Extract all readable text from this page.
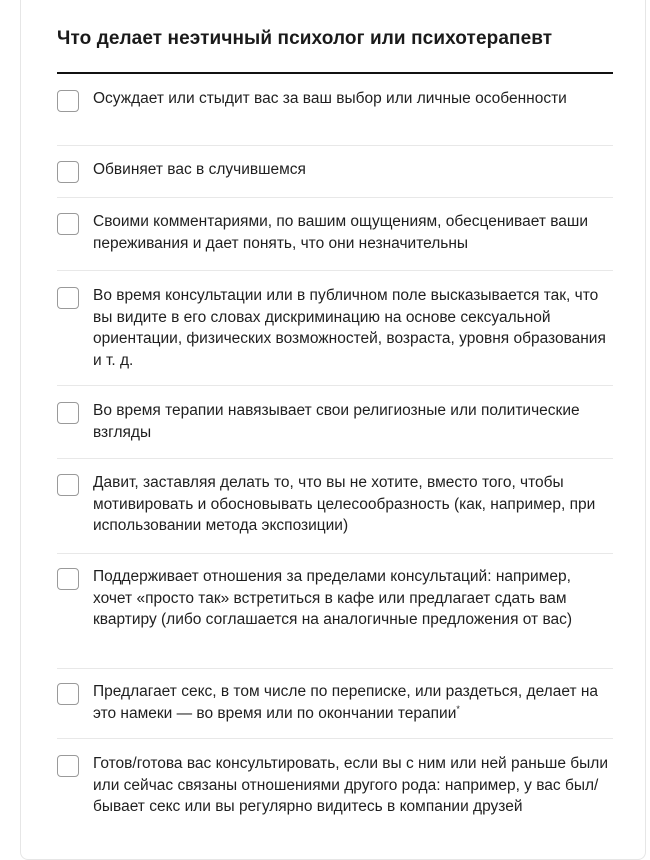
Что делает неэтичный психолог или психотерапевт
Осуждает или стыдит вас за ваш выбор или личные особенности
Обвиняет вас в случившемся
Своими комментариями, по вашим ощущениям, обесценивает ваши переживания и дает понять, что они незначительны
Во время консультации или в публичном поле высказывается так, что вы видите в его словах дискриминацию на основе сексуальной ориентации, физических возможностей, возраста, уровня образования и т. д.
Во время терапии навязывает свои религиозные или политические взгляды
Давит, заставляя делать то, что вы не хотите, вместо того, чтобы мотивировать и обосновывать целесообразность (как, например, при использовании метода экспозиции)
Поддерживает отношения за пределами консультаций: например, хочет «просто так» встретиться в кафе или предлагает сдать вам квартиру (либо соглашается на аналогичные предложения от вас)
Предлагает секс, в том числе по переписке, или раздеться, делает на это намеки — во время или по окончании терапии*
Готов/готова вас консультировать, если вы с ним или ней раньше были или сейчас связаны отношениями другого рода: например, у вас был/бывает секс или вы регулярно видитесь в компании друзей
